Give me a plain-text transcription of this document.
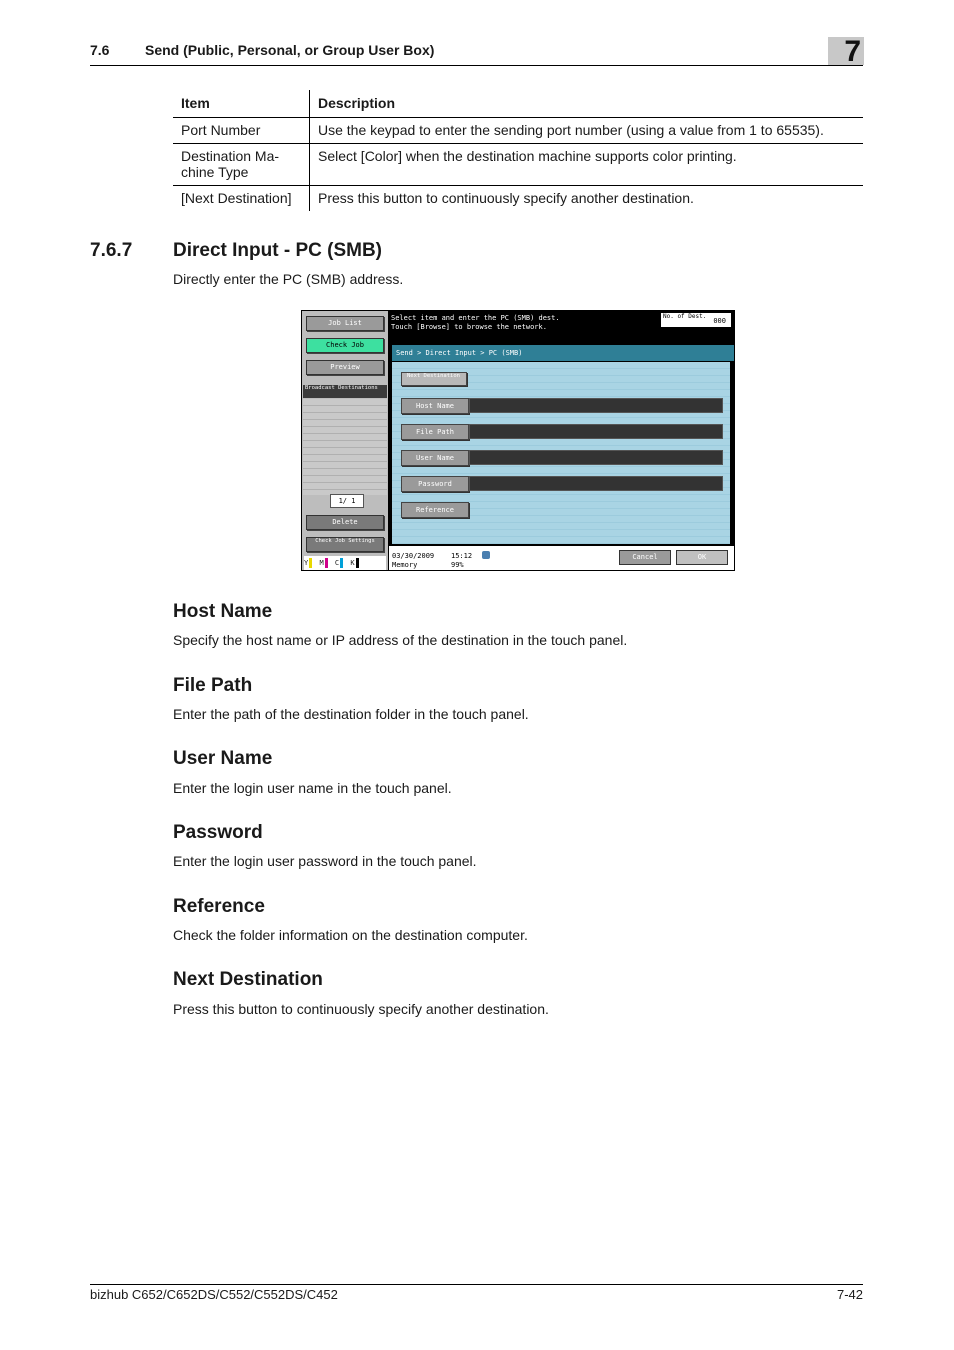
7.6	Send (Public, Personal, or Group User Box)	7
Item	Description
Port Number	Use the keypad to enter the sending port number (using a value from 1 to 65535).
Destination Ma-chine Type	Select [Color] when the destination machine supports color printing.
[Next Destination]	Press this button to continuously specify another destination.
7.6.7 Direct Input - PC (SMB)
Directly enter the PC (SMB) address.
Job List
Check Job
Preview
Broadcast Destinations
1/ 1
Delete
Check Job Settings
Y M C K
Select item and enter the PC (SMB) dest.
Touch [Browse] to browse the network.
No. of Dest.
000
Send > Direct Input > PC (SMB)
Next Destination
Host Name
File Path
User Name
Password
Reference
03/30/2009
Memory
15:12
99%
Cancel	OK
Host Name
Specify the host name or IP address of the destination in the touch panel.
File Path
Enter the path of the destination folder in the touch panel.
User Name
Enter the login user name in the touch panel.
Password
Enter the login user password in the touch panel.
Reference
Check the folder information on the destination computer.
Next Destination
Press this button to continuously specify another destination.
bizhub C652/C652DS/C552/C552DS/C452	7-42
